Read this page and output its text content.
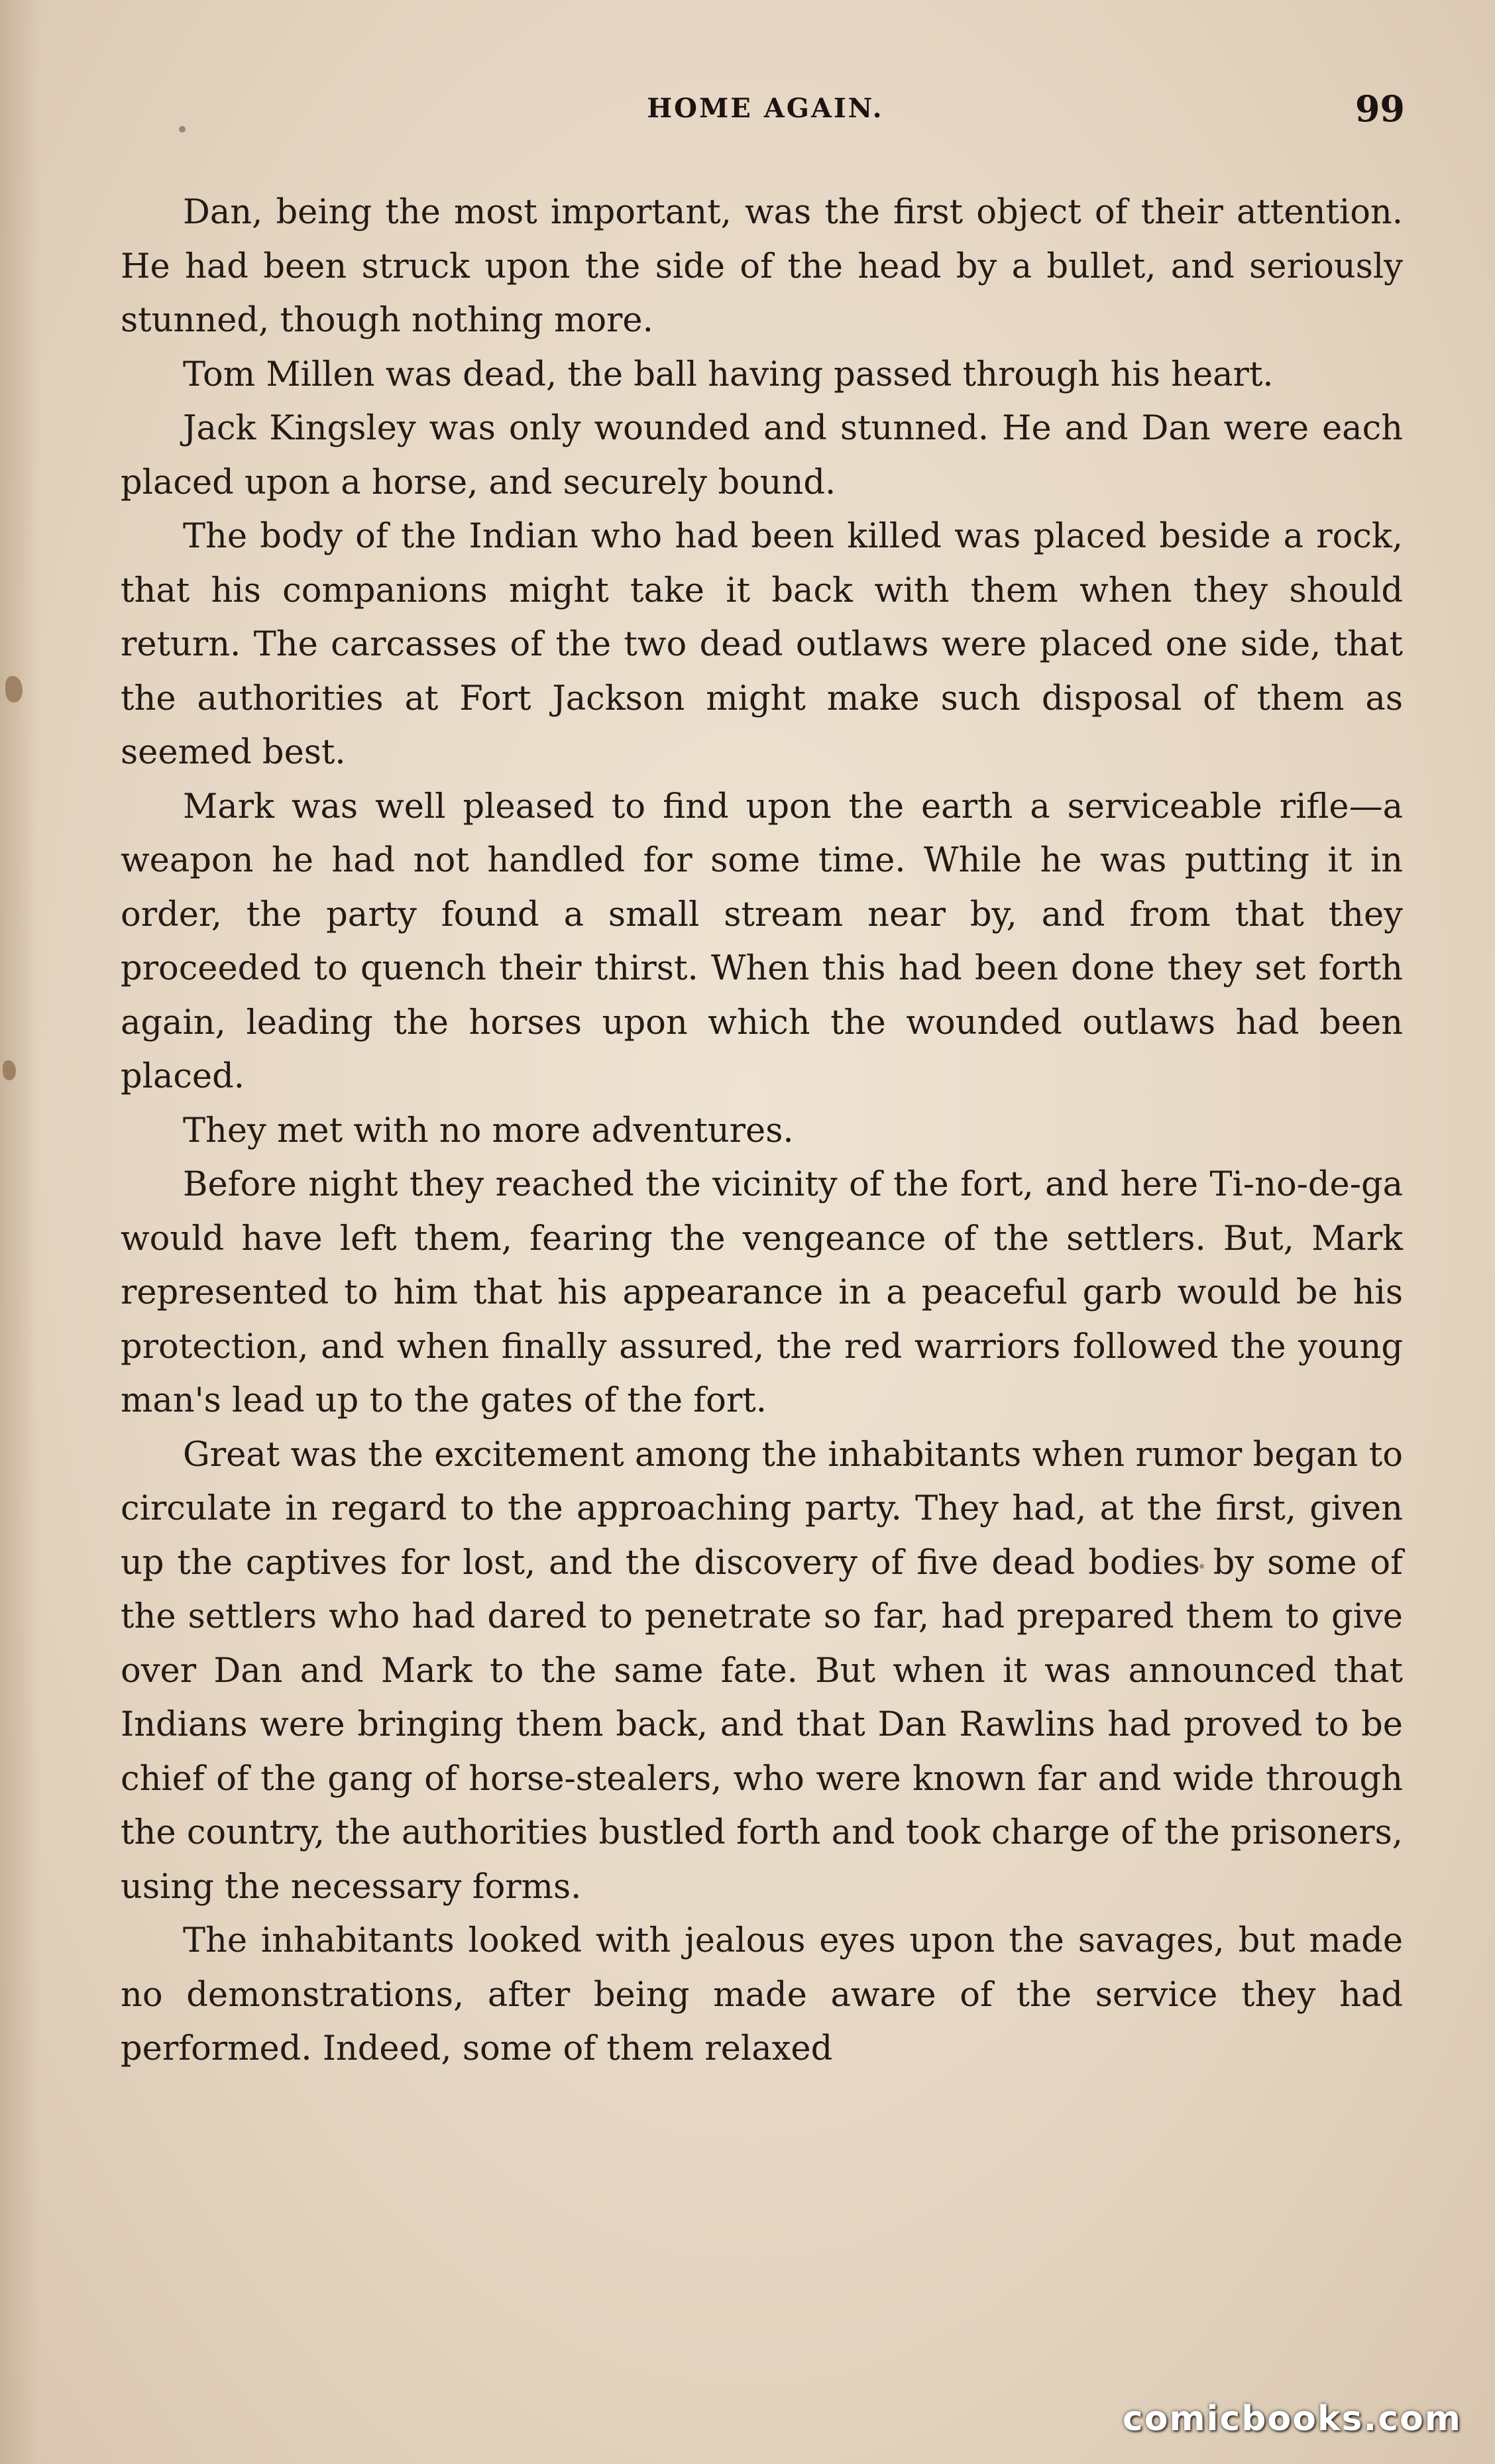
HOME AGAIN.	99

Dan, being the most important, was the first object of their attention. He had been struck upon the side of the head by a bullet, and seriously stunned, though nothing more.

Tom Millen was dead, the ball having passed through his heart.

Jack Kingsley was only wounded and stunned. He and Dan were each placed upon a horse, and securely bound.

The body of the Indian who had been killed was placed beside a rock, that his companions might take it back with them when they should return. The carcasses of the two dead outlaws were placed one side, that the authorities at Fort Jackson might make such disposal of them as seemed best.

Mark was well pleased to find upon the earth a serviceable rifle—a weapon he had not handled for some time. While he was putting it in order, the party found a small stream near by, and from that they proceeded to quench their thirst. When this had been done they set forth again, leading the horses upon which the wounded outlaws had been placed.

They met with no more adventures.

Before night they reached the vicinity of the fort, and here Ti-no-de-ga would have left them, fearing the vengeance of the settlers. But, Mark represented to him that his appearance in a peaceful garb would be his protection, and when finally assured, the red warriors followed the young man's lead up to the gates of the fort.

Great was the excitement among the inhabitants when rumor began to circulate in regard to the approaching party. They had, at the first, given up the captives for lost, and the discovery of five dead bodies by some of the settlers who had dared to penetrate so far, had prepared them to give over Dan and Mark to the same fate. But when it was announced that Indians were bringing them back, and that Dan Rawlins had proved to be chief of the gang of horse-stealers, who were known far and wide through the country, the authorities bustled forth and took charge of the prisoners, using the necessary forms.

The inhabitants looked with jealous eyes upon the savages, but made no demonstrations, after being made aware of the service they had performed. Indeed, some of them relaxed

comicbooks.com
